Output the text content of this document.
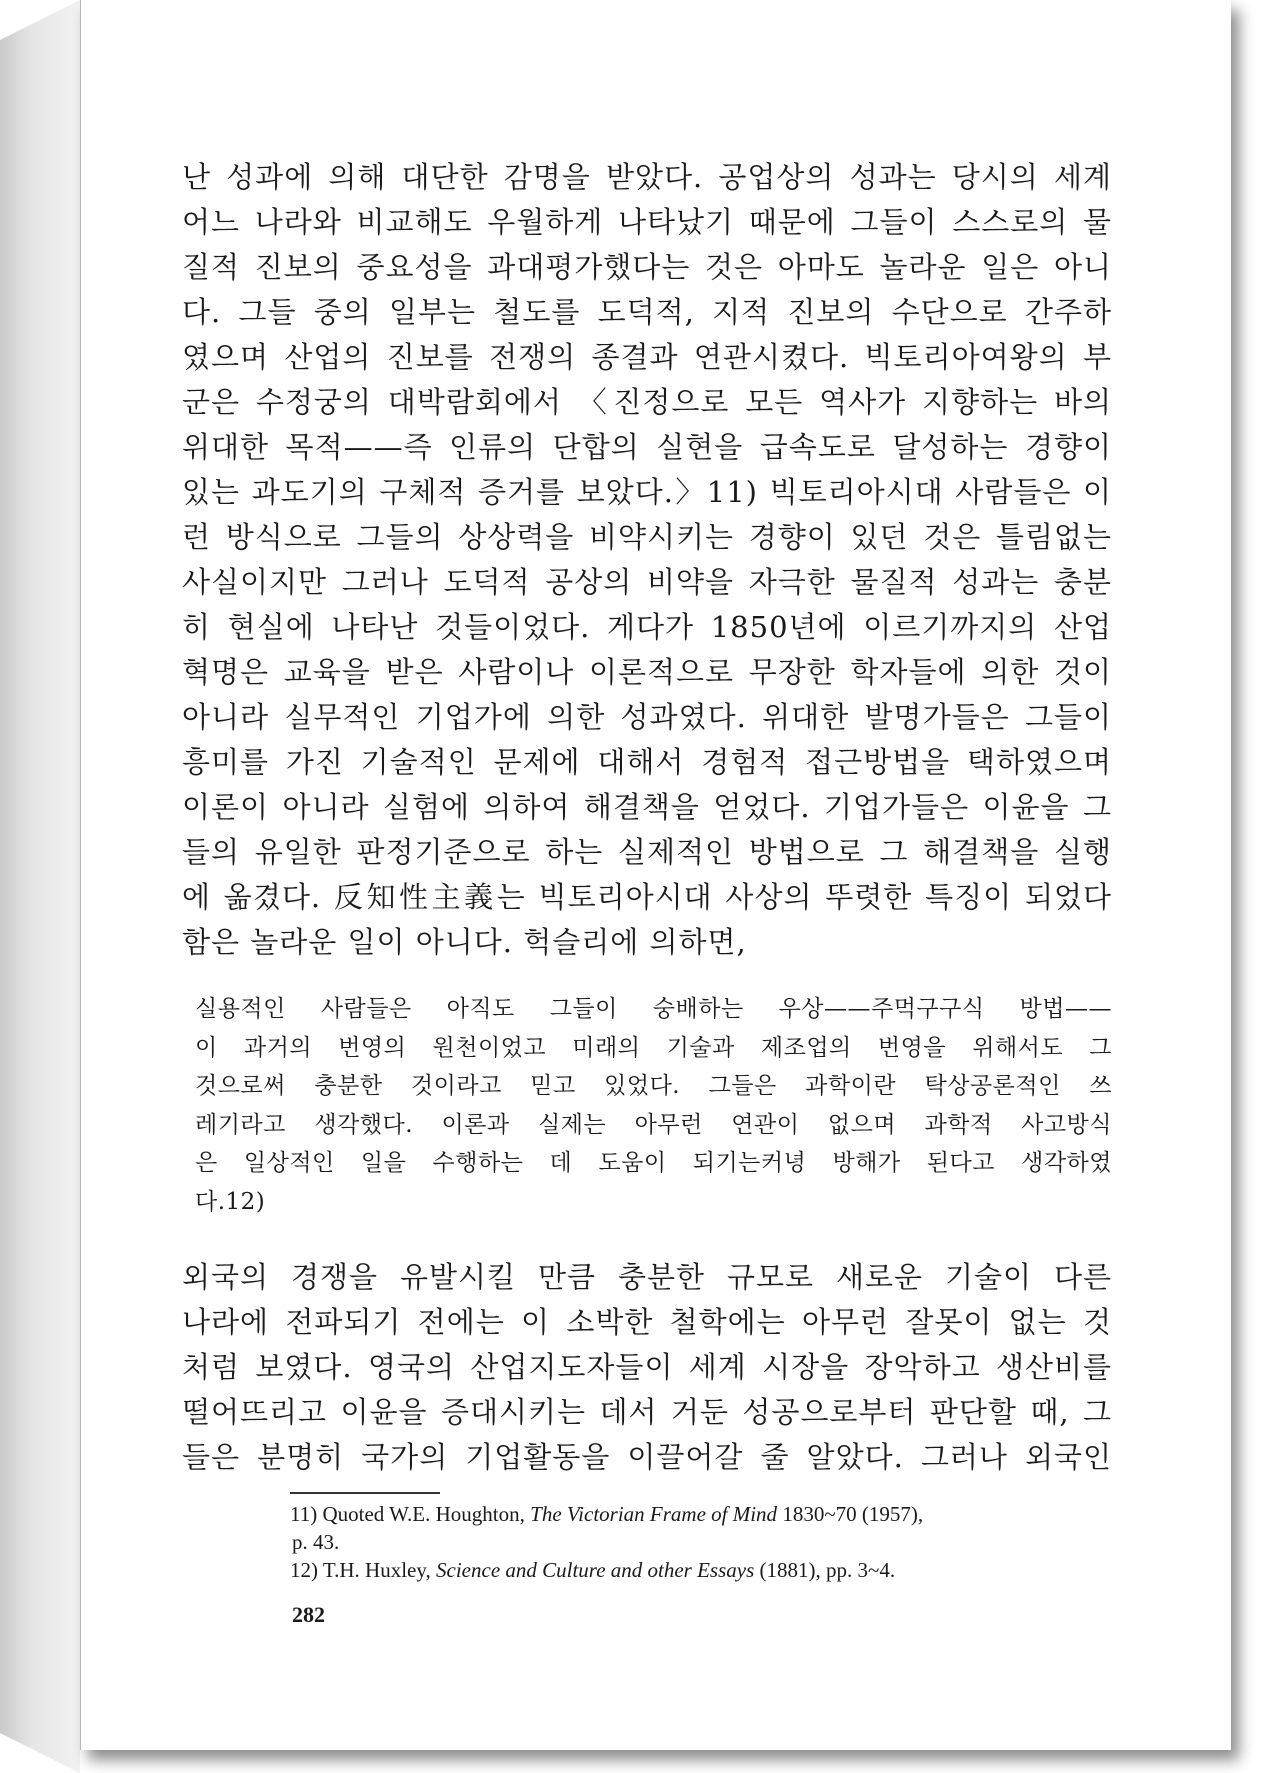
난 성과에 의해 대단한 감명을 받았다. 공업상의 성과는 당시의 세계
어느 나라와 비교해도 우월하게 나타났기 때문에 그들이 스스로의 물
질적 진보의 중요성을 과대평가했다는 것은 아마도 놀라운 일은 아니
다. 그들 중의 일부는 철도를 도덕적, 지적 진보의 수단으로 간주하
였으며 산업의 진보를 전쟁의 종결과 연관시켰다. 빅토리아여왕의 부
군은 수정궁의 대박람회에서 〈진정으로 모든 역사가 지향하는 바의
위대한 목적——즉 인류의 단합의 실현을 급속도로 달성하는 경향이
있는 과도기의 구체적 증거를 보았다.〉11) 빅토리아시대 사람들은 이
런 방식으로 그들의 상상력을 비약시키는 경향이 있던 것은 틀림없는
사실이지만 그러나 도덕적 공상의 비약을 자극한 물질적 성과는 충분
히 현실에 나타난 것들이었다. 게다가 1850년에 이르기까지의 산업
혁명은 교육을 받은 사람이나 이론적으로 무장한 학자들에 의한 것이
아니라 실무적인 기업가에 의한 성과였다. 위대한 발명가들은 그들이
흥미를 가진 기술적인 문제에 대해서 경험적 접근방법을 택하였으며
이론이 아니라 실험에 의하여 해결책을 얻었다. 기업가들은 이윤을 그
들의 유일한 판정기준으로 하는 실제적인 방법으로 그 해결책을 실행
에 옮겼다. 反知性主義는 빅토리아시대 사상의 뚜렷한 특징이 되었다
함은 놀라운 일이 아니다. 헉슬리에 의하면,
실용적인 사람들은 아직도 그들이 숭배하는 우상——주먹구구식 방법——
이 과거의 번영의 원천이었고 미래의 기술과 제조업의 번영을 위해서도 그
것으로써 충분한 것이라고 믿고 있었다. 그들은 과학이란 탁상공론적인 쓰
레기라고 생각했다. 이론과 실제는 아무런 연관이 없으며 과학적 사고방식
은 일상적인 일을 수행하는 데 도움이 되기는커녕 방해가 된다고 생각하였
다.12)
외국의 경쟁을 유발시킬 만큼 충분한 규모로 새로운 기술이 다른
나라에 전파되기 전에는 이 소박한 철학에는 아무런 잘못이 없는 것
처럼 보였다. 영국의 산업지도자들이 세계 시장을 장악하고 생산비를
떨어뜨리고 이윤을 증대시키는 데서 거둔 성공으로부터 판단할 때, 그
들은 분명히 국가의 기업활동을 이끌어갈 줄 알았다. 그러나 외국인
11) Quoted W.E. Houghton, The Victorian Frame of Mind 1830~70 (1957),
p. 43.
12) T.H. Huxley, Science and Culture and other Essays (1881), pp. 3~4.
282
